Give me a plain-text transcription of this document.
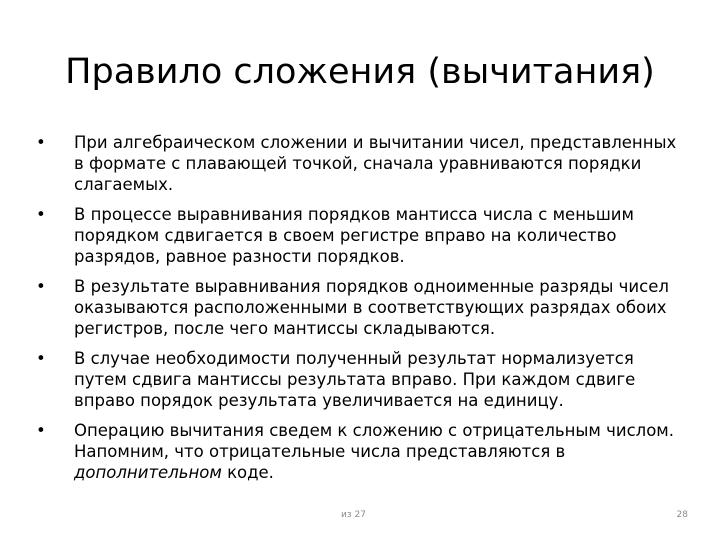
Правило сложения (вычитания)
• При алгебраическом сложении и вычитании чисел, представленных в формате с плавающей точкой, сначала уравниваются порядки слагаемых.
• В процессе выравнивания порядков мантисса числа с меньшим порядком сдвигается в своем регистре вправо на количество разрядов, равное разности порядков.
• В результате выравнивания порядков одноименные разряды чисел оказываются расположенными в соответствующих разрядах обоих регистров, после чего мантиссы складываются.
• В случае необходимости полученный результат нормализуется путем сдвига мантиссы результата вправо. При каждом сдвиге вправо порядок результата увеличивается на единицу.
• Операцию вычитания сведем к сложению с отрицательным числом. Напомним, что отрицательные числа представляются в дополнительном коде.
из 27	28
